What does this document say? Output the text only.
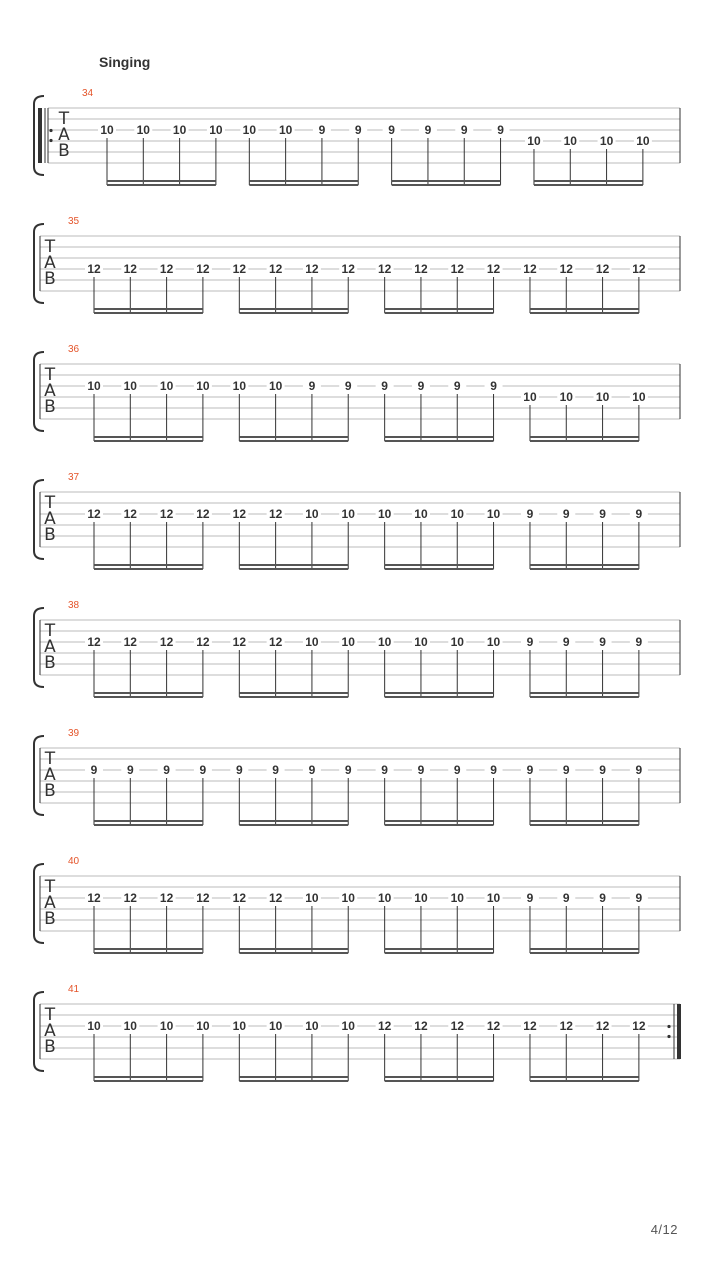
Singing
T
A
B
34
10 10 10 10 10 10 9 9 9 9 9 9
10 10 10 10
T
A
B
35
12 12 12 12 12 12 12 12 12 12 12 12 12 12 12 12
T
A
B
36
10 10 10 10 10 10 9 9 9 9 9 9
10 10 10 10
T
A
B
37
12 12 12 12 12 12 10 10 10 10 10 10 9 9 9 9
T
A
B
38
12 12 12 12 12 12 10 10 10 10 10 10 9 9 9 9
T
A
B
39
9 9 9 9 9 9 9 9 9 9 9 9 9 9 9 9
T
A
B
40
12 12 12 12 12 12 10 10 10 10 10 10 9 9 9 9
T
A
B
41
10 10 10 10 10 10 10 10 12 12 12 12 12 12 12 12
4/12
